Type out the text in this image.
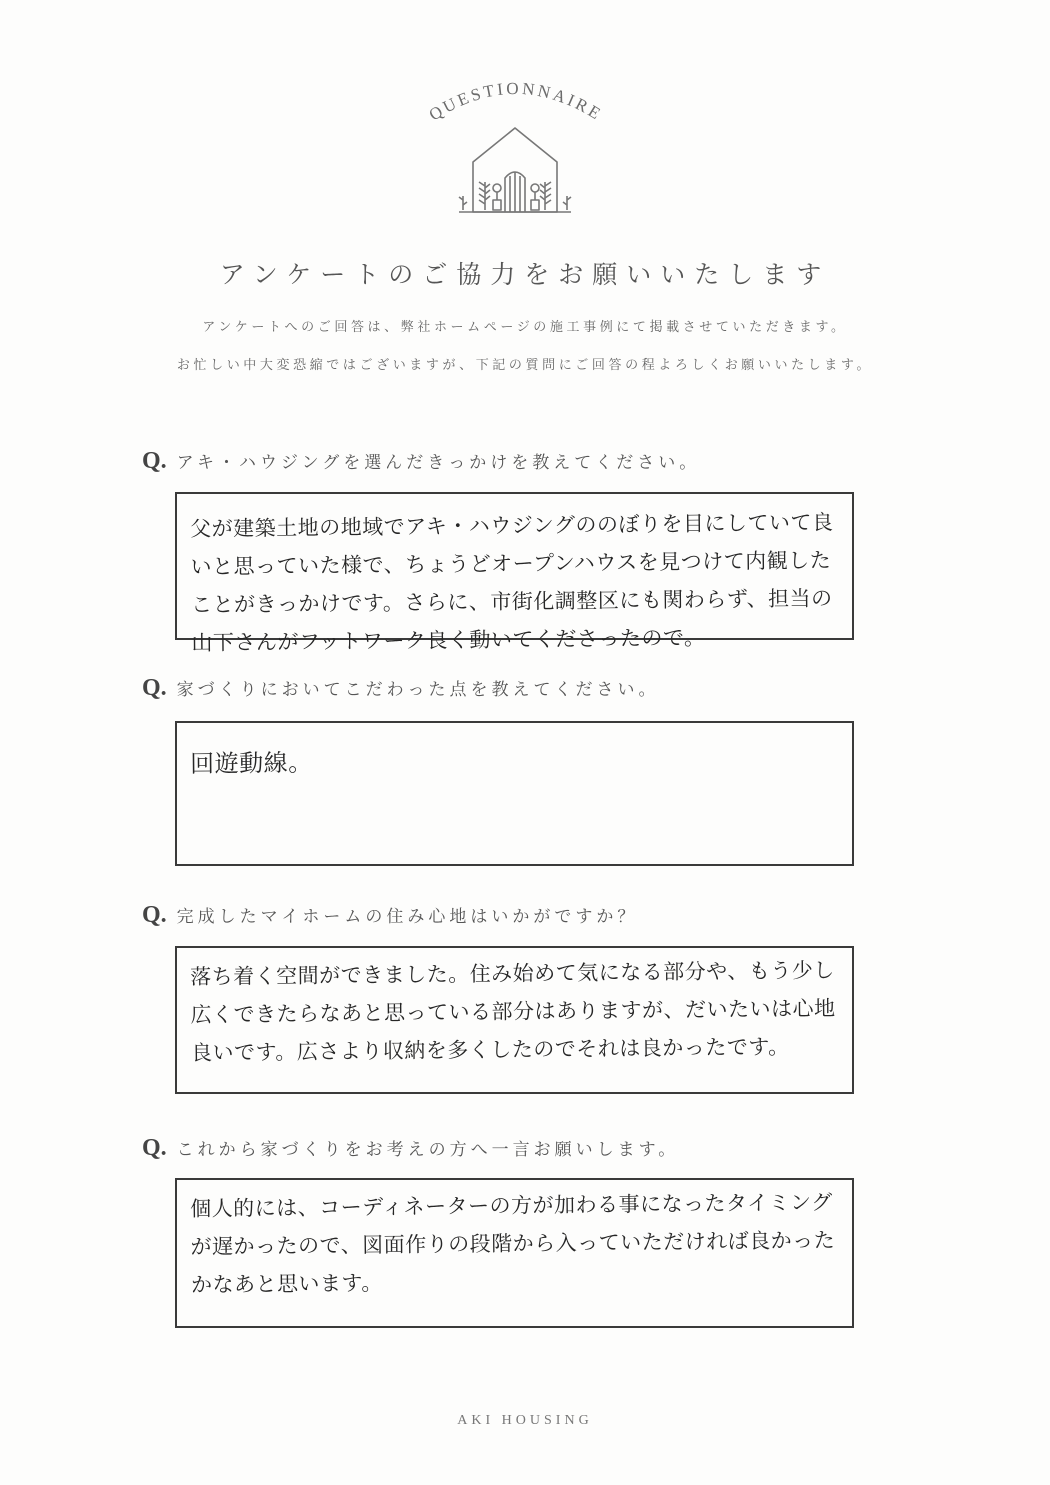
QUESTIONNAIRE
アンケートのご協力をお願いいたします
アンケートへのご回答は、弊社ホームページの施工事例にて掲載させていただきます。
お忙しい中大変恐縮ではございますが、下記の質問にご回答の程よろしくお願いいたします。
Q. アキ・ハウジングを選んだきっかけを教えてください。
父が建築土地の地域でアキ・ハウジングののぼりを目にしていて良いと思っていた様で、ちょうどオープンハウスを見つけて内観したことがきっかけです。さらに、市街化調整区にも関わらず、担当の山下さんがフットワーク良く動いてくださったので。
Q. 家づくりにおいてこだわった点を教えてください。
回遊動線。
Q. 完成したマイホームの住み心地はいかがですか？
落ち着く空間ができました。住み始めて気になる部分や、もう少し広くできたらなあと思っている部分はありますが、だいたいは心地良いです。広さより収納を多くしたのでそれは良かったです。
Q. これから家づくりをお考えの方へ一言お願いします。
個人的には、コーディネーターの方が加わる事になったタイミングが遅かったので、図面作りの段階から入っていただければ良かったかなあと思います。
AKI HOUSING
